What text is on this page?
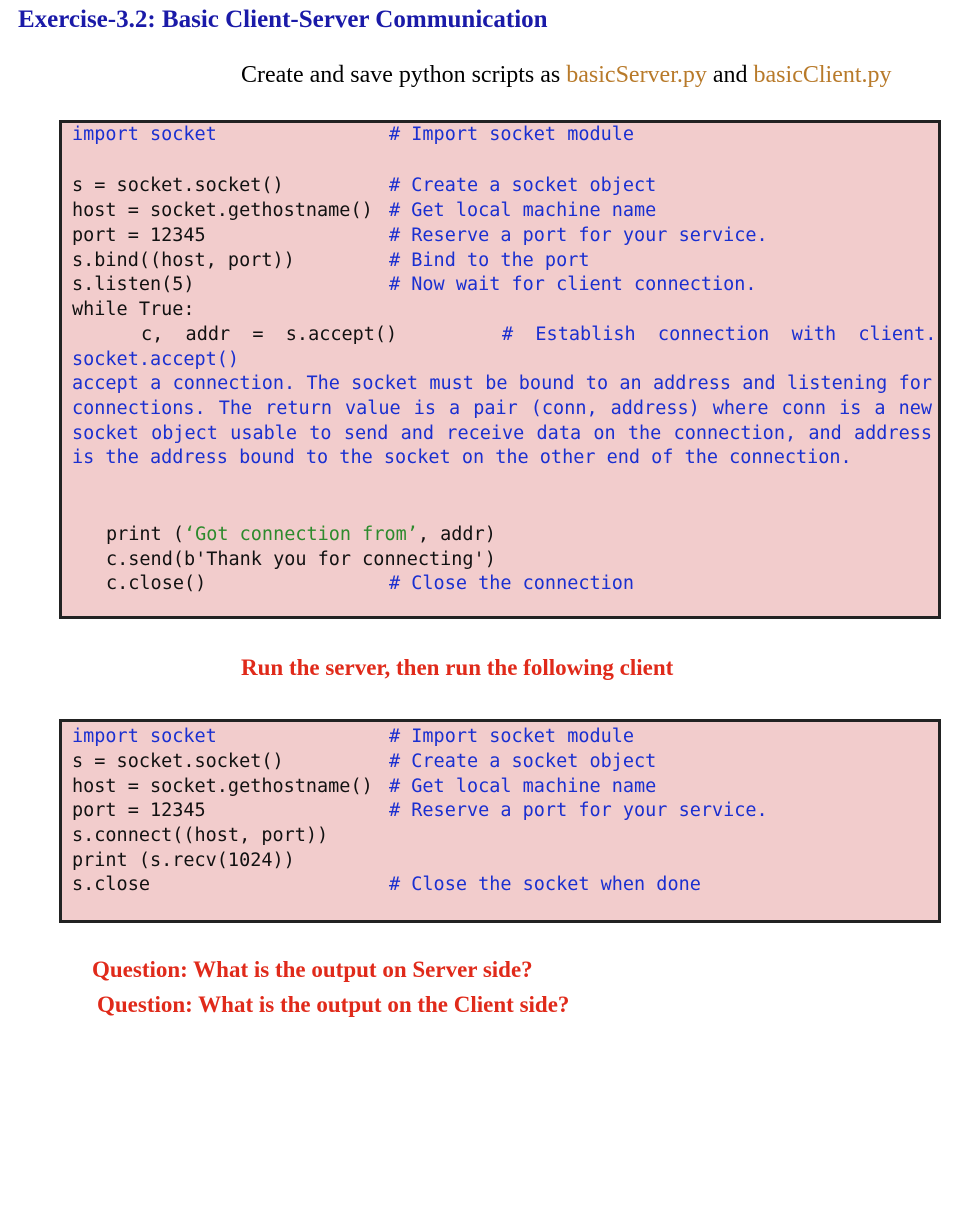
Exercise-3.2: Basic Client-Server Communication
Create and save python scripts as basicServer.py and basicClient.py

import socket

	# Import socket module

s = socket.socket()

	# Create a socket object

host = socket.gethostname()

# Get local machine name

port = 12345

	# Reserve a port for your service.

s.bind((host, port))

	# Bind to the port

s.listen(5)

	# Now wait for client connection.

while True:

c,  addr  =  s.accept()

	#  Establish  connection  with  client.

socket.accept()

accept a connection. The socket must be bound to an address and listening for connections. The return value is a pair (conn, address) where conn is a new socket object usable to send and receive data on the connection, and address is the address bound to the socket on the other end of the connection.

print (‘Got connection from’, addr)

c.send(b'Thank you for connecting')

c.close()

	# Close the connection

Run the server, then run the following client

import socket

	# Import socket module

s = socket.socket()

	# Create a socket object

host = socket.gethostname()

# Get local machine name

port = 12345

	# Reserve a port for your service.

s.connect((host, port))

print (s.recv(1024))

s.close

	# Close the socket when done

Question: What is the output on Server side?
Question: What is the output on the Client side?
